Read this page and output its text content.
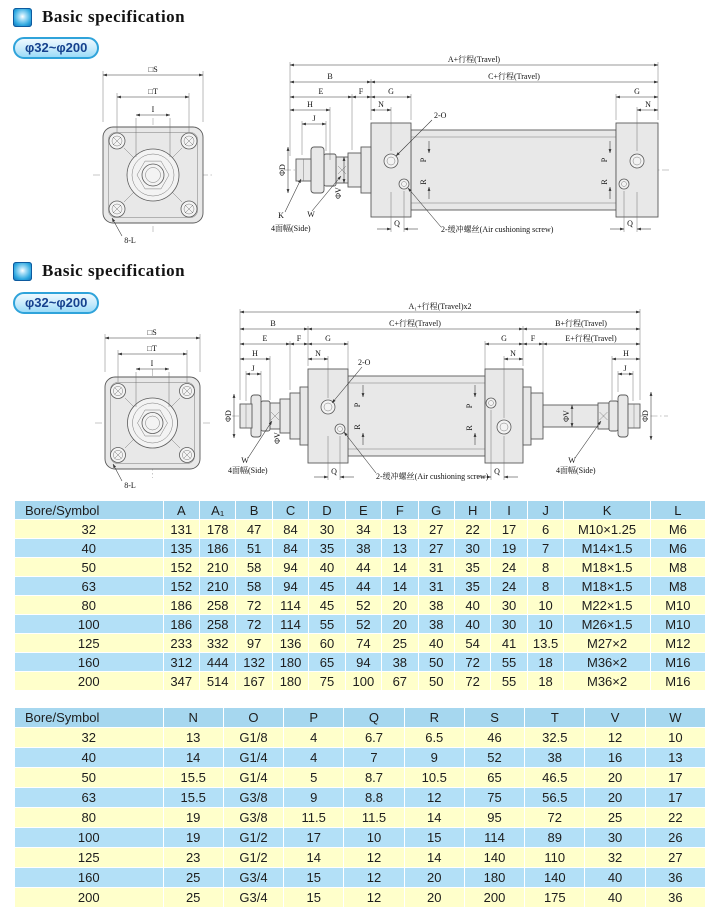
Basic specification
φ32~φ200
□S
□T
I
8-L
A+行程(Travel)
B	C+行程(Travel)
E	F	G	G
H	N	N
J
ΦD
ΦV
P
R
P
R
Q	Q
2-O
2-缓冲螺丝(Air cushioning screw)
K	W
4面幅(Side)
Basic specification
φ32~φ200
□S
□T
I
8-L
A₁+行程(Travel)x2
B	C+行程(Travel)	B+行程(Travel)
E	F	G	G	F	E+行程(Travel)
H	N	N	H
J	J
ΦD	ΦD
ΦV
ΦV
P
R
P
R
Q	Q
2-O
2-缓冲螺丝(Air cushioning screw)
W
4面幅(Side)
W
4面幅(Side)
Bore/Symbol	A	A₁	B	C	D	E	F	G	H	I	J	K	L
32	131	178	47	84	30	34	13	27	22	17	6	M10×1.25	M6
40	135	186	51	84	35	38	13	27	30	19	7	M14×1.5	M6
50	152	210	58	94	40	44	14	31	35	24	8	M18×1.5	M8
63	152	210	58	94	45	44	14	31	35	24	8	M18×1.5	M8
80	186	258	72	114	45	52	20	38	40	30	10	M22×1.5	M10
100	186	258	72	114	55	52	20	38	40	30	10	M26×1.5	M10
125	233	332	97	136	60	74	25	40	54	41	13.5	M27×2	M12
160	312	444	132	180	65	94	38	50	72	55	18	M36×2	M16
200	347	514	167	180	75	100	67	50	72	55	18	M36×2	M16
Bore/Symbol	N	O	P	Q	R	S	T	V	W
32	13	G1/8	4	6.7	6.5	46	32.5	12	10
40	14	G1/4	4	7	9	52	38	16	13
50	15.5	G1/4	5	8.7	10.5	65	46.5	20	17
63	15.5	G3/8	9	8.8	12	75	56.5	20	17
80	19	G3/8	11.5	11.5	14	95	72	25	22
100	19	G1/2	17	10	15	114	89	30	26
125	23	G1/2	14	12	14	140	110	32	27
160	25	G3/4	15	12	20	180	140	40	36
200	25	G3/4	15	12	20	200	175	40	36
